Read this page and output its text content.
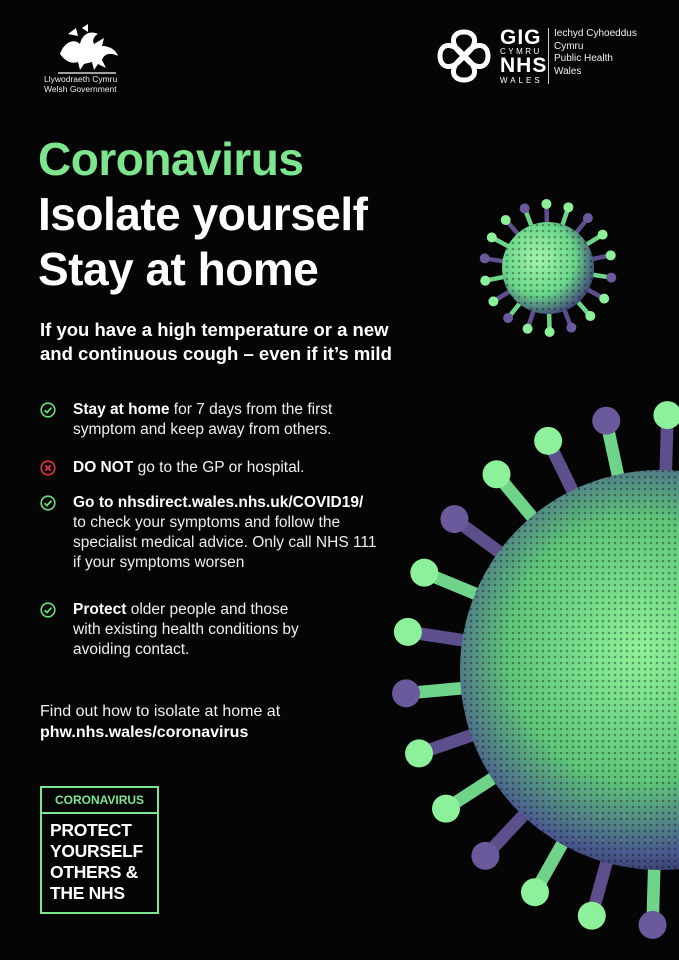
Llywodraeth Cymru
Welsh Government
GIG
CYMRU
NHS
WALES
Iechyd Cyhoeddus
Cymru
Public Health
Wales
Coronavirus
Isolate yourself
Stay at home
If you have a high temperature or a new
and continuous cough – even if it’s mild
Stay at home for 7 days from the first
symptom and keep away from others.
DO NOT go to the GP or hospital.
Go to nhsdirect.wales.nhs.uk/COVID19/
to check your symptoms and follow the
specialist medical advice. Only call NHS 111
if your symptoms worsen
Protect older people and those
with existing health conditions by
avoiding contact.
Find out how to isolate at home at
phw.nhs.wales/coronavirus
CORONAVIRUS
PROTECT
YOURSELF
OTHERS &
THE NHS
